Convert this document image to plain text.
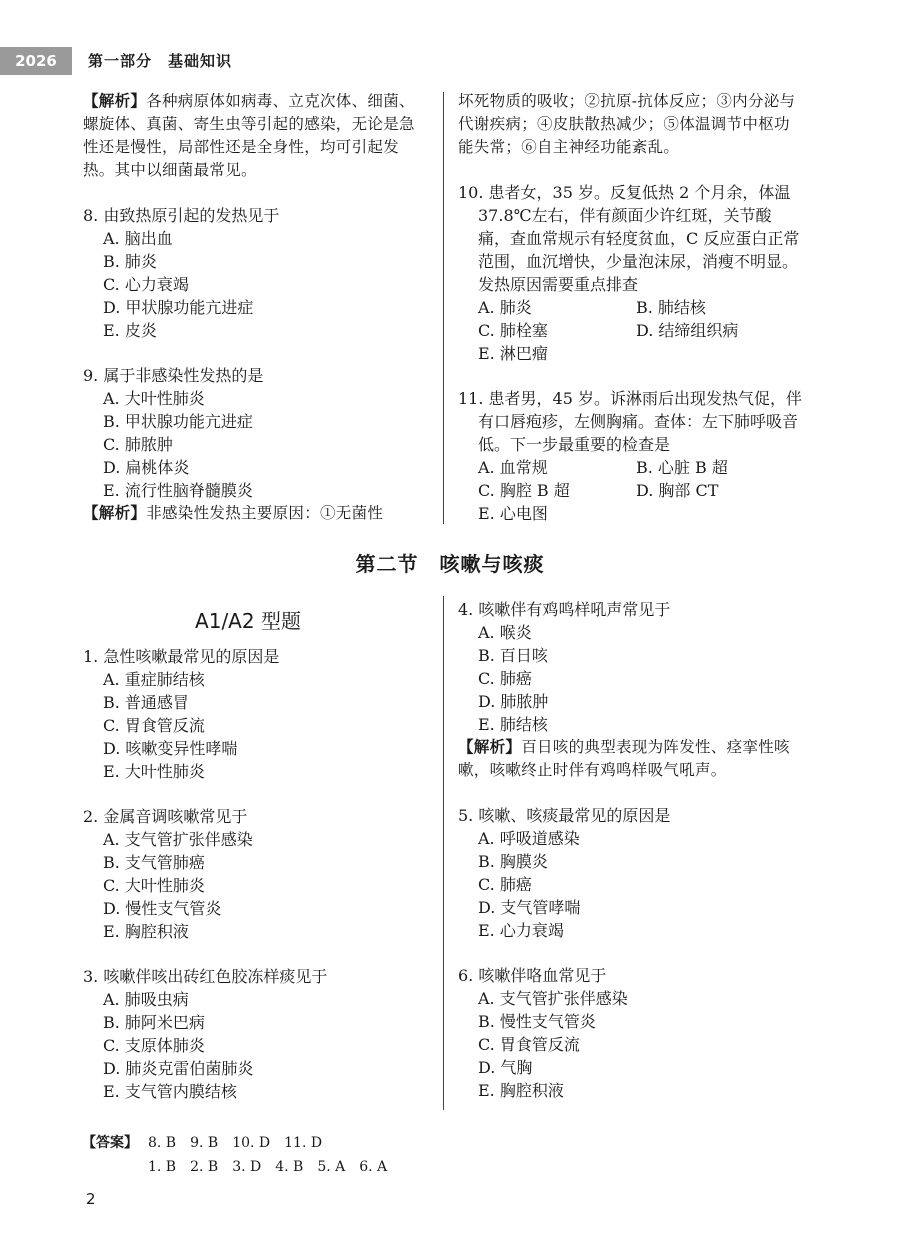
2026	第一部分　基础知识

【解析】各种病原体如病毒、立克次体、细菌、螺旋体、真菌、寄生虫等引起的感染，无论是急性还是慢性，局部性还是全身性，均可引起发热。其中以细菌最常见。

8. 由致热原引起的发热见于

A. 脑出血

B. 肺炎

C. 心力衰竭

D. 甲状腺功能亢进症

E. 皮炎

9. 属于非感染性发热的是

A. 大叶性肺炎

B. 甲状腺功能亢进症

C. 肺脓肿

D. 扁桃体炎

E. 流行性脑脊髓膜炎

【解析】非感染性发热主要原因：①无菌性

坏死物质的吸收；②抗原-抗体反应；③内分泌与代谢疾病；④皮肤散热减少；⑤体温调节中枢功能失常；⑥自主神经功能紊乱。

10. 患者女，35 岁。反复低热 2 个月余，体温 37.8℃左右，伴有颜面少许红斑，关节酸痛，查血常规示有轻度贫血，C 反应蛋白正常范围，血沉增快，少量泡沫尿，消瘦不明显。发热原因需要重点排查

A. 肺炎	B. 肺结核
C. 肺栓塞	D. 结缔组织病

E. 淋巴瘤

11. 患者男，45 岁。诉淋雨后出现发热气促，伴有口唇疱疹，左侧胸痛。查体：左下肺呼吸音低。下一步最重要的检查是

A. 血常规	B. 心脏 B 超
C. 胸腔 B 超	D. 胸部 CT

E. 心电图

第二节　咳嗽与咳痰
A1/A2 型题

1. 急性咳嗽最常见的原因是

A. 重症肺结核

B. 普通感冒

C. 胃食管反流

D. 咳嗽变异性哮喘

E. 大叶性肺炎

2. 金属音调咳嗽常见于

A. 支气管扩张伴感染

B. 支气管肺癌

C. 大叶性肺炎

D. 慢性支气管炎

E. 胸腔积液

3. 咳嗽伴咳出砖红色胶冻样痰见于

A. 肺吸虫病

B. 肺阿米巴病

C. 支原体肺炎

D. 肺炎克雷伯菌肺炎

E. 支气管内膜结核

4. 咳嗽伴有鸡鸣样吼声常见于

A. 喉炎

B. 百日咳

C. 肺癌

D. 肺脓肿

E. 肺结核

【解析】百日咳的典型表现为阵发性、痉挛性咳嗽，咳嗽终止时伴有鸡鸣样吸气吼声。

5. 咳嗽、咳痰最常见的原因是

A. 呼吸道感染

B. 胸膜炎

C. 肺癌

D. 支气管哮喘

E. 心力衰竭

6. 咳嗽伴咯血常见于

A. 支气管扩张伴感染

B. 慢性支气管炎

C. 胃食管反流

D. 气胸

E. 胸腔积液

【答案】 8. B　9. B　10. D　11. D
1. B　2. B　3. D　4. B　5. A　6. A
2
